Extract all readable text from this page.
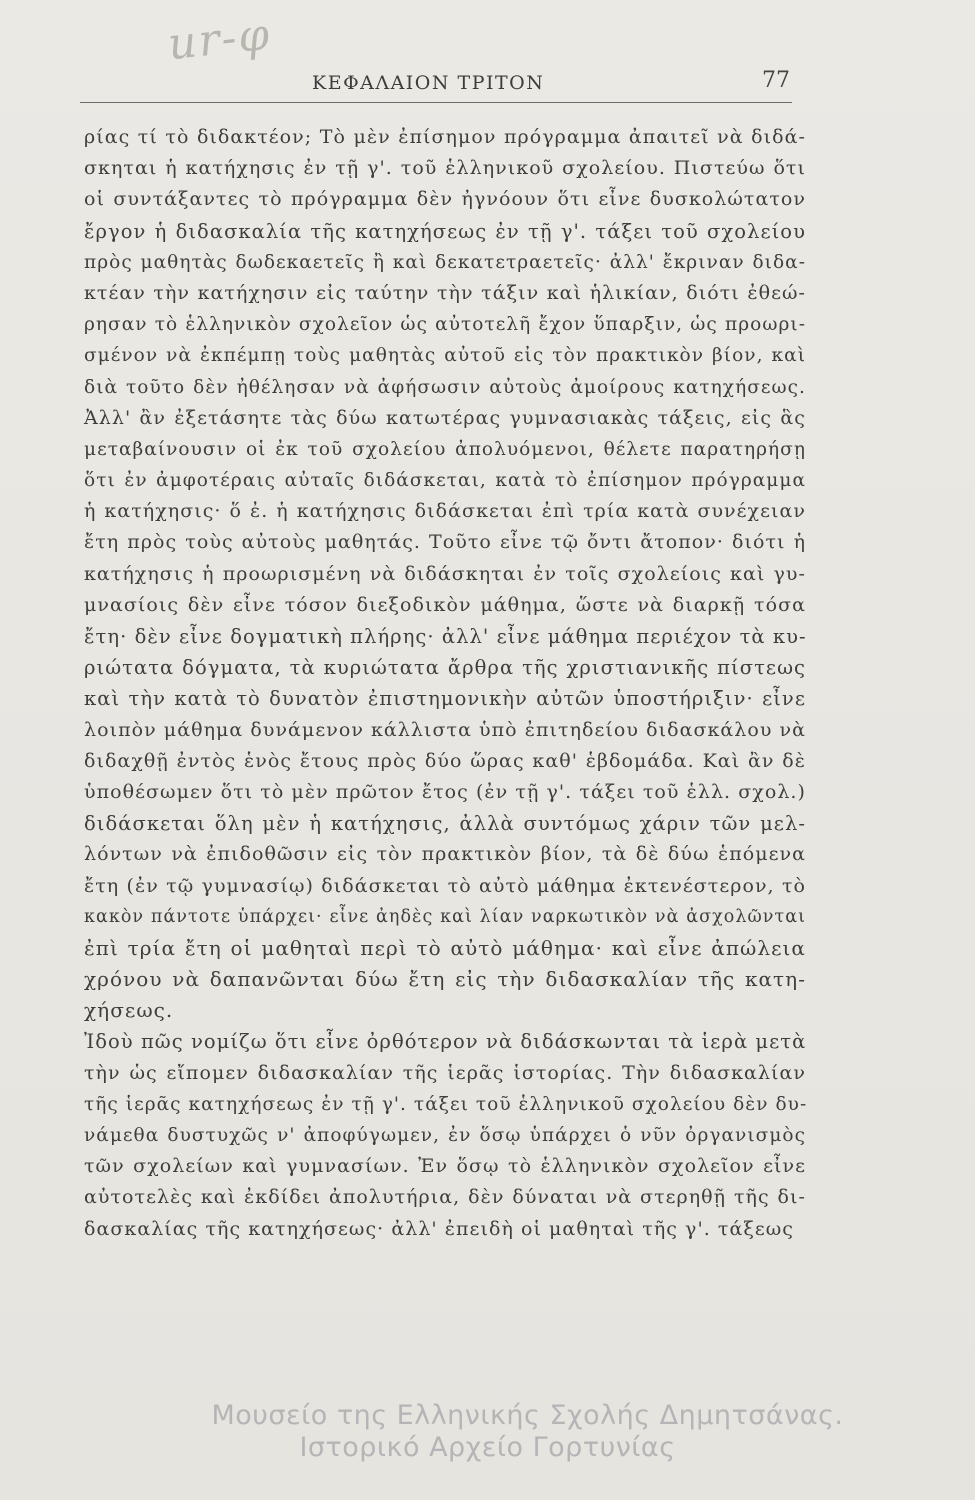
ur-φ
ΚΕΦΑΛΑΙΟΝ ΤΡΙΤΟΝ	77
ρίας τί τὸ διδακτέον; Τὸ μὲν ἐπίσημον πρόγραμμα ἀπαιτεῖ νὰ διδά-
σκηται ἡ κατήχησις ἐν τῇ γ'. τοῦ ἑλληνικοῦ σχολείου. Πιστεύω ὅτι
οἱ συντάξαντες τὸ πρόγραμμα δὲν ἠγνόουν ὅτι εἶνε δυσκολώτατον
ἔργον ἡ διδασκαλία τῆς κατηχήσεως ἐν τῇ γ'. τάξει τοῦ σχολείου
πρὸς μαθητὰς δωδεκαετεῖς ἢ καὶ δεκατετραετεῖς· ἀλλ' ἔκριναν διδα-
κτέαν τὴν κατήχησιν εἰς ταύτην τὴν τάξιν καὶ ἡλικίαν, διότι ἐθεώ-
ρησαν τὸ ἑλληνικὸν σχολεῖον ὡς αὐτοτελῆ ἔχον ὕπαρξιν, ὡς προωρι-
σμένον νὰ ἐκπέμπῃ τοὺς μαθητὰς αὐτοῦ εἰς τὸν πρακτικὸν βίον, καὶ
διὰ τοῦτο δὲν ἠθέλησαν νὰ ἀφήσωσιν αὐτοὺς ἀμοίρους κατηχήσεως.
Ἀλλ' ἂν ἐξετάσητε τὰς δύω κατωτέρας γυμνασιακὰς τάξεις, εἰς ἃς
μεταβαίνουσιν οἱ ἐκ τοῦ σχολείου ἀπολυόμενοι, θέλετε παρατηρήσῃ
ὅτι ἐν ἀμφοτέραις αὐταῖς διδάσκεται, κατὰ τὸ ἐπίσημον πρόγραμμα
ἡ κατήχησις· ὅ ἐ. ἡ κατήχησις διδάσκεται ἐπὶ τρία κατὰ συνέχειαν
ἔτη πρὸς τοὺς αὐτοὺς μαθητάς. Τοῦτο εἶνε τῷ ὄντι ἄτοπον· διότι ἡ
κατήχησις ἡ προωρισμένη νὰ διδάσκηται ἐν τοῖς σχολείοις καὶ γυ-
μνασίοις δὲν εἶνε τόσον διεξοδικὸν μάθημα, ὥστε νὰ διαρκῇ τόσα
ἔτη· δὲν εἶνε δογματικὴ πλήρης· ἀλλ' εἶνε μάθημα περιέχον τὰ κυ-
ριώτατα δόγματα, τὰ κυριώτατα ἄρθρα τῆς χριστιανικῆς πίστεως
καὶ τὴν κατὰ τὸ δυνατὸν ἐπιστημονικὴν αὐτῶν ὑποστήριξιν· εἶνε
λοιπὸν μάθημα δυνάμενον κάλλιστα ὑπὸ ἐπιτηδείου διδασκάλου νὰ
διδαχθῇ ἐντὸς ἑνὸς ἔτους πρὸς δύο ὥρας καθ' ἑβδομάδα. Καὶ ἂν δὲ
ὑποθέσωμεν ὅτι τὸ μὲν πρῶτον ἔτος (ἐν τῇ γ'. τάξει τοῦ ἑλλ. σχολ.)
διδάσκεται ὅλη μὲν ἡ κατήχησις, ἀλλὰ συντόμως χάριν τῶν μελ-
λόντων νὰ ἐπιδοθῶσιν εἰς τὸν πρακτικὸν βίον, τὰ δὲ δύω ἑπόμενα
ἔτη (ἐν τῷ γυμνασίῳ) διδάσκεται τὸ αὐτὸ μάθημα ἐκτενέστερον, τὸ
κακὸν πάντοτε ὑπάρχει· εἶνε ἀηδὲς καὶ λίαν ναρκωτικὸν νὰ ἀσχολῶνται
ἐπὶ τρία ἔτη οἱ μαθηταὶ περὶ τὸ αὐτὸ μάθημα· καὶ εἶνε ἀπώλεια
χρόνου νὰ δαπανῶνται δύω ἔτη εἰς τὴν διδασκαλίαν τῆς κατη-
χήσεως.
Ἰδοὺ πῶς νομίζω ὅτι εἶνε ὀρθότερον νὰ διδάσκωνται τὰ ἱερὰ μετὰ
τὴν ὡς εἴπομεν διδασκαλίαν τῆς ἱερᾶς ἱστορίας. Τὴν διδασκαλίαν
τῆς ἱερᾶς κατηχήσεως ἐν τῇ γ'. τάξει τοῦ ἑλληνικοῦ σχολείου δὲν δυ-
νάμεθα δυστυχῶς ν' ἀποφύγωμεν, ἐν ὅσῳ ὑπάρχει ὁ νῦν ὀργανισμὸς
τῶν σχολείων καὶ γυμνασίων. Ἐν ὅσῳ τὸ ἑλληνικὸν σχολεῖον εἶνε
αὐτοτελὲς καὶ ἐκδίδει ἀπολυτήρια, δὲν δύναται νὰ στερηθῇ τῆς δι-
δασκαλίας τῆς κατηχήσεως· ἀλλ' ἐπειδὴ οἱ μαθηταὶ τῆς γ'. τάξεως
Μουσείο της Ελληνικής Σχολής Δημητσάνας.
Ιστορικό Αρχείο Γορτυνίας
